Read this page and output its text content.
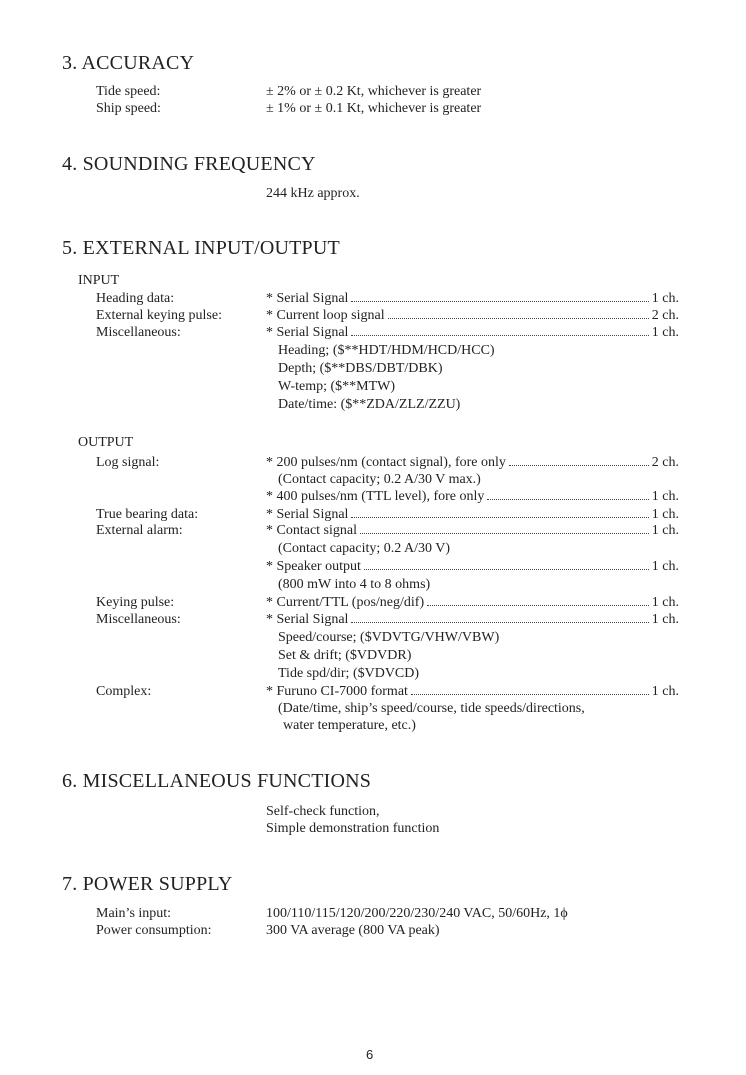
3. ACCURACY
Tide speed:	± 2% or ± 0.2 Kt, whichever is greater
Ship speed:	± 1% or ± 0.1 Kt, whichever is greater
4. SOUNDING FREQUENCY
244 kHz approx.
5. EXTERNAL INPUT/OUTPUT
INPUT
Heading data:	* Serial Signal	1 ch.
External keying pulse:	* Current loop signal	2 ch.
Miscellaneous:	* Serial Signal	1 ch.
Heading; ($**HDT/HDM/HCD/HCC)
Depth; ($**DBS/DBT/DBK)
W-temp; ($**MTW)
Date/time: ($**ZDA/ZLZ/ZZU)
OUTPUT
Log signal:	* 200 pulses/nm (contact signal), fore only	2 ch.
(Contact capacity; 0.2 A/30 V max.)
* 400 pulses/nm (TTL level), fore only	1 ch.
True bearing data:	* Serial Signal	1 ch.
External alarm:	* Contact signal	1 ch.
(Contact capacity; 0.2 A/30 V)
* Speaker output	1 ch.
(800 mW into 4 to 8 ohms)
Keying pulse:	* Current/TTL (pos/neg/dif)	1 ch.
Miscellaneous:	* Serial Signal	1 ch.
Speed/course; ($VDVTG/VHW/VBW)
Set & drift; ($VDVDR)
Tide spd/dir; ($VDVCD)
Complex:	* Furuno CI-7000 format	1 ch.
(Date/time, ship’s speed/course, tide speeds/directions,
water temperature, etc.)
6. MISCELLANEOUS FUNCTIONS
Self-check function,
Simple demonstration function
7. POWER SUPPLY
Main’s input:	100/110/115/120/200/220/230/240 VAC, 50/60Hz, 1ϕ
Power consumption:	300 VA average (800 VA peak)
6
